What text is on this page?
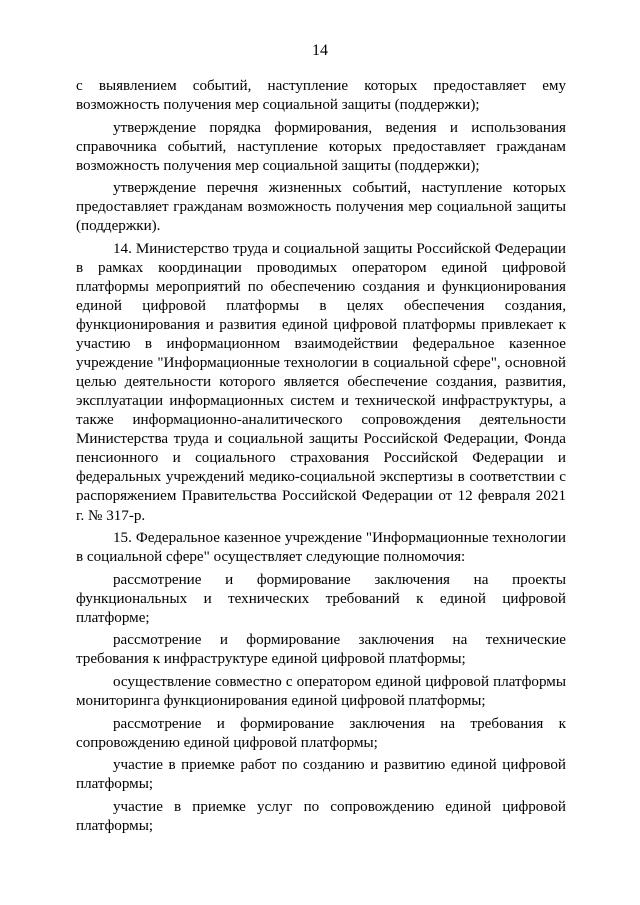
14

с выявлением событий, наступление которых предоставляет ему возможность получения мер социальной защиты (поддержки);

утверждение порядка формирования, ведения и использования справочника событий, наступление которых предоставляет гражданам возможность получения мер социальной защиты (поддержки);

утверждение перечня жизненных событий, наступление которых предоставляет гражданам возможность получения мер социальной защиты (поддержки).

14. Министерство труда и социальной защиты Российской Федерации в рамках координации проводимых оператором единой цифровой платформы мероприятий по обеспечению создания и функционирования единой цифровой платформы в целях обеспечения создания, функционирования и развития единой цифровой платформы привлекает к участию в информационном взаимодействии федеральное казенное учреждение "Информационные технологии в социальной сфере", основной целью деятельности которого является обеспечение создания, развития, эксплуатации информационных систем и технической инфраструктуры, а также информационно-аналитического сопровождения деятельности Министерства труда и социальной защиты Российской Федерации, Фонда пенсионного и социального страхования Российской Федерации и федеральных учреждений медико-социальной экспертизы в соответствии с распоряжением Правительства Российской Федерации от 12 февраля 2021 г. № 317-р.

15. Федеральное казенное учреждение "Информационные технологии в социальной сфере" осуществляет следующие полномочия:

рассмотрение и формирование заключения на проекты функциональных и технических требований к единой цифровой платформе;

рассмотрение и формирование заключения на технические требования к инфраструктуре единой цифровой платформы;

осуществление совместно с оператором единой цифровой платформы мониторинга функционирования единой цифровой платформы;

рассмотрение и формирование заключения на требования к сопровождению единой цифровой платформы;

участие в приемке работ по созданию и развитию единой цифровой платформы;

участие в приемке услуг по сопровождению единой цифровой платформы;
